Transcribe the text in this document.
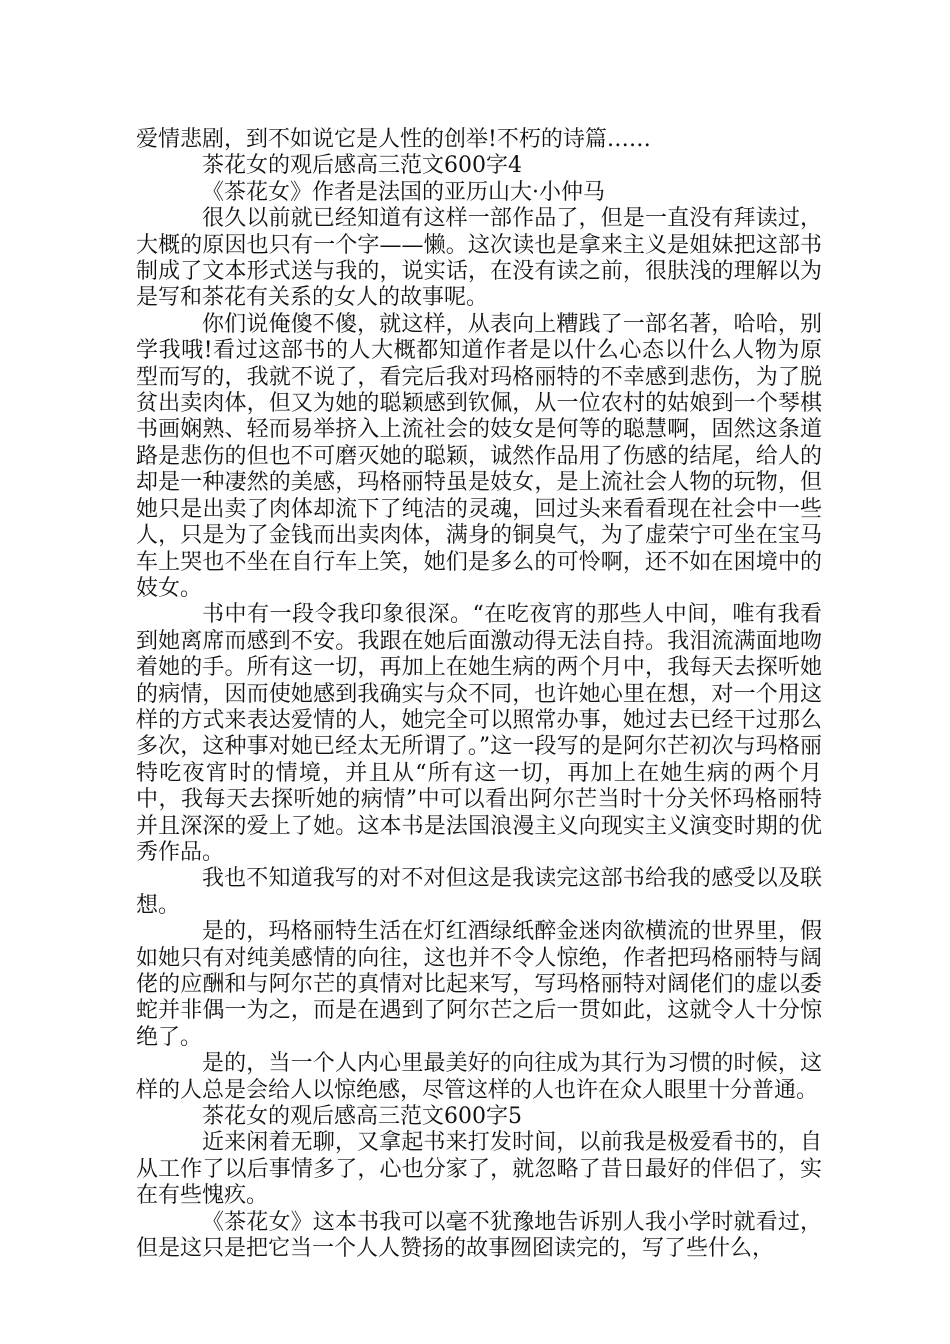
爱情悲剧，到不如说它是人性的创举!不朽的诗篇……

茶花女的观后感高三范文600字4

《茶花女》作者是法国的亚历山大·小仲马

很久以前就已经知道有这样一部作品了，但是一直没有拜读过，大概的原因也只有一个字——懒。这次读也是拿来主义是姐妹把这部书制成了文本形式送与我的，说实话，在没有读之前，很肤浅的理解以为是写和茶花有关系的女人的故事呢。

你们说俺傻不傻，就这样，从表向上糟践了一部名著，哈哈，别学我哦!看过这部书的人大概都知道作者是以什么心态以什么人物为原型而写的，我就不说了，看完后我对玛格丽特的不幸感到悲伤，为了脱贫出卖肉体，但又为她的聪颖感到钦佩，从一位农村的姑娘到一个琴棋书画娴熟、轻而易举挤入上流社会的妓女是何等的聪慧啊，固然这条道路是悲伤的但也不可磨灭她的聪颖，诚然作品用了伤感的结尾，给人的却是一种凄然的美感，玛格丽特虽是妓女，是上流社会人物的玩物，但她只是出卖了肉体却流下了纯洁的灵魂，回过头来看看现在社会中一些人，只是为了金钱而出卖肉体，满身的铜臭气，为了虚荣宁可坐在宝马车上哭也不坐在自行车上笑，她们是多么的可怜啊，还不如在困境中的妓女。

书中有一段令我印象很深。“在吃夜宵的那些人中间，唯有我看到她离席而感到不安。我跟在她后面激动得无法自持。我泪流满面地吻着她的手。所有这一切，再加上在她生病的两个月中，我每天去探听她的病情，因而使她感到我确实与众不同，也许她心里在想，对一个用这样的方式来表达爱情的人，她完全可以照常办事，她过去已经干过那么多次，这种事对她已经太无所谓了。”这一段写的是阿尔芒初次与玛格丽特吃夜宵时的情境，并且从“所有这一切，再加上在她生病的两个月中，我每天去探听她的病情”中可以看出阿尔芒当时十分关怀玛格丽特并且深深的爱上了她。这本书是法国浪漫主义向现实主义演变时期的优秀作品。

我也不知道我写的对不对但这是我读完这部书给我的感受以及联想。

是的，玛格丽特生活在灯红酒绿纸醉金迷肉欲横流的世界里，假如她只有对纯美感情的向往，这也并不令人惊绝，作者把玛格丽特与阔佬的应酬和与阿尔芒的真情对比起来写，写玛格丽特对阔佬们的虚以委蛇并非偶一为之，而是在遇到了阿尔芒之后一贯如此，这就令人十分惊绝了。

是的，当一个人内心里最美好的向往成为其行为习惯的时候，这样的人总是会给人以惊绝感，尽管这样的人也许在众人眼里十分普通。

茶花女的观后感高三范文600字5

近来闲着无聊，又拿起书来打发时间，以前我是极爱看书的，自从工作了以后事情多了，心也分家了，就忽略了昔日最好的伴侣了，实在有些愧疚。

《茶花女》这本书我可以毫不犹豫地告诉别人我小学时就看过，但是这只是把它当一个人人赞扬的故事囫囵读完的，写了些什么，
